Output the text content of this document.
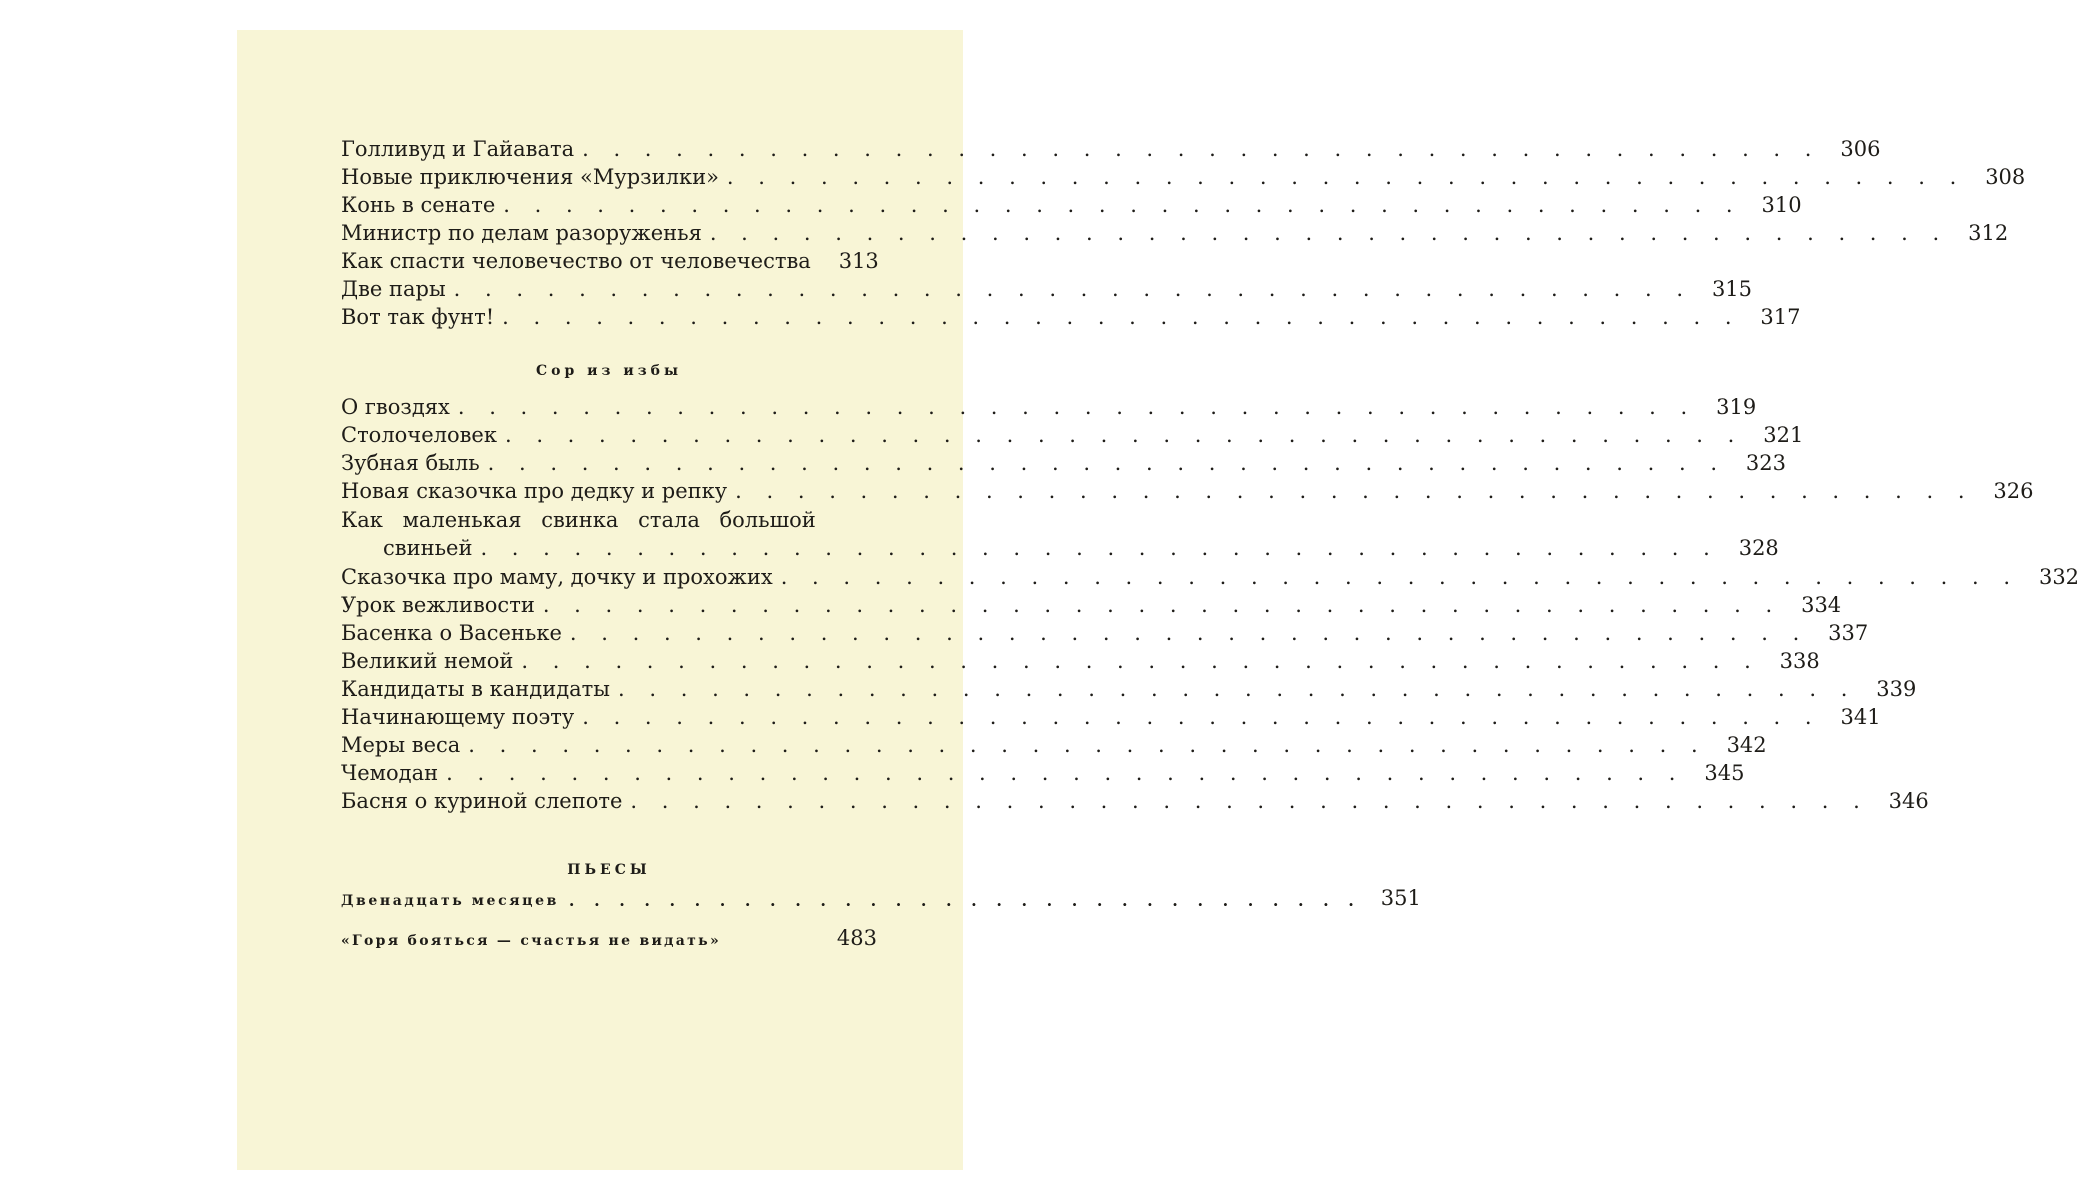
Голливуд и Гайавата . . . . . . . . . . . . . . . . . . . . . . . . . . . . . . . . . . . . . . . . 306
Новые приключения «Мурзилки» . . . . . . . . . . . . . . . . . . . . . . . . . . . . . . . . . . . . . . . . 308
Конь в сенате . . . . . . . . . . . . . . . . . . . . . . . . . . . . . . . . . . . . . . . . 310
Министр по делам разоруженья . . . . . . . . . . . . . . . . . . . . . . . . . . . . . . . . . . . . . . . . 312
Как спасти человечество от человечества	313
Две пары . . . . . . . . . . . . . . . . . . . . . . . . . . . . . . . . . . . . . . . . 315
Вот так фунт! . . . . . . . . . . . . . . . . . . . . . . . . . . . . . . . . . . . . . . . . 317
Сор из избы
О гвоздях . . . . . . . . . . . . . . . . . . . . . . . . . . . . . . . . . . . . . . . . 319
Столочеловек . . . . . . . . . . . . . . . . . . . . . . . . . . . . . . . . . . . . . . . . 321
Зубная быль . . . . . . . . . . . . . . . . . . . . . . . . . . . . . . . . . . . . . . . . 323
Новая сказочка про дедку и репку . . . . . . . . . . . . . . . . . . . . . . . . . . . . . . . . . . . . . . . . 326
Как маленькая свинка стала большой
свиньей . . . . . . . . . . . . . . . . . . . . . . . . . . . . . . . . . . . . . . . . 328
Сказочка про маму, дочку и прохожих . . . . . . . . . . . . . . . . . . . . . . . . . . . . . . . . . . . . . . . . 332
Урок вежливости . . . . . . . . . . . . . . . . . . . . . . . . . . . . . . . . . . . . . . . . 334
Басенка о Васеньке . . . . . . . . . . . . . . . . . . . . . . . . . . . . . . . . . . . . . . . . 337
Великий немой . . . . . . . . . . . . . . . . . . . . . . . . . . . . . . . . . . . . . . . . 338
Кандидаты в кандидаты . . . . . . . . . . . . . . . . . . . . . . . . . . . . . . . . . . . . . . . . 339
Начинающему поэту . . . . . . . . . . . . . . . . . . . . . . . . . . . . . . . . . . . . . . . . 341
Меры веса . . . . . . . . . . . . . . . . . . . . . . . . . . . . . . . . . . . . . . . . 342
Чемодан . . . . . . . . . . . . . . . . . . . . . . . . . . . . . . . . . . . . . . . . 345
Басня о куриной слепоте . . . . . . . . . . . . . . . . . . . . . . . . . . . . . . . . . . . . . . . . 346
ПЬЕСЫ
Двенадцать месяцев . . . . . . . . . . . . . . . . . . . . . . . . . . . . . . . . 351
«Горя бояться — счастья не видать»	483
